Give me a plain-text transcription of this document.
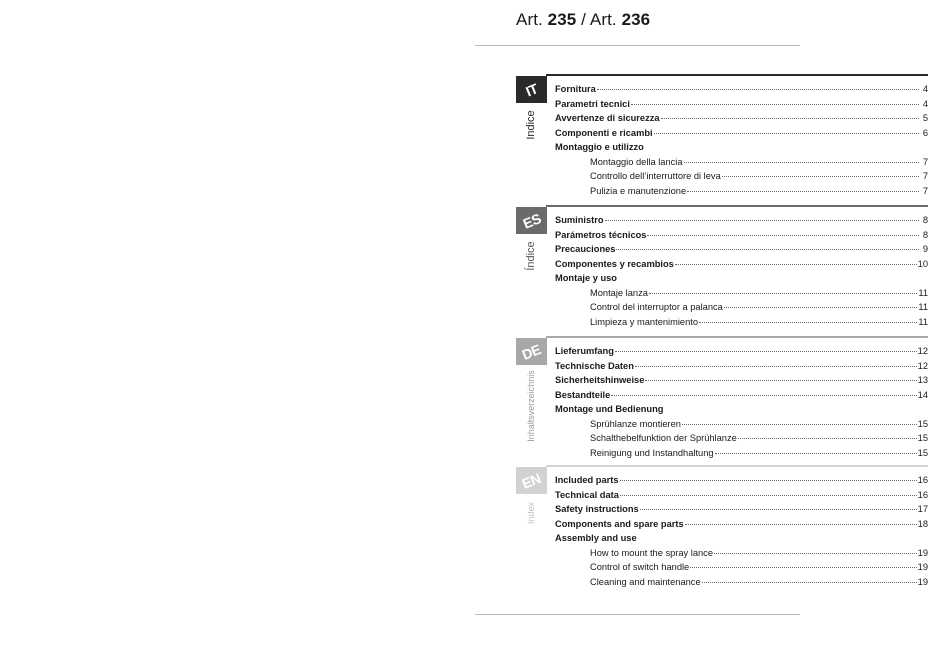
Art. 235 / Art. 236
IT
Indice
Fornitura	4
Parametri tecnici	4
Avvertenze di sicurezza	5
Componenti e ricambi	6
Montaggio e utilizzo
Montaggio della lancia	7
Controllo dell’interruttore di leva	7
Pulizia e manutenzione	7
ES
Índice
Suministro	8
Parámetros técnicos	8
Precauciones	9
Componentes y recambios	10
Montaje y uso
Montaje lanza	11
Control del interruptor a palanca	11
Limpieza y mantenimiento	11
DE
Inhaltsverzeichnis
Lieferumfang	12
Technische Daten	12
Sicherheitshinweise	13
Bestandteile	14
Montage und Bedienung
Sprühlanze montieren	15
Schalthebelfunktion der Sprühlanze	15
Reinigung und Instandhaltung	15
EN
Index
Included parts	16
Technical data	16
Safety instructions	17
Components and spare parts	18
Assembly and use
How to mount the spray lance	19
Control of switch handle	19
Cleaning and maintenance	19
